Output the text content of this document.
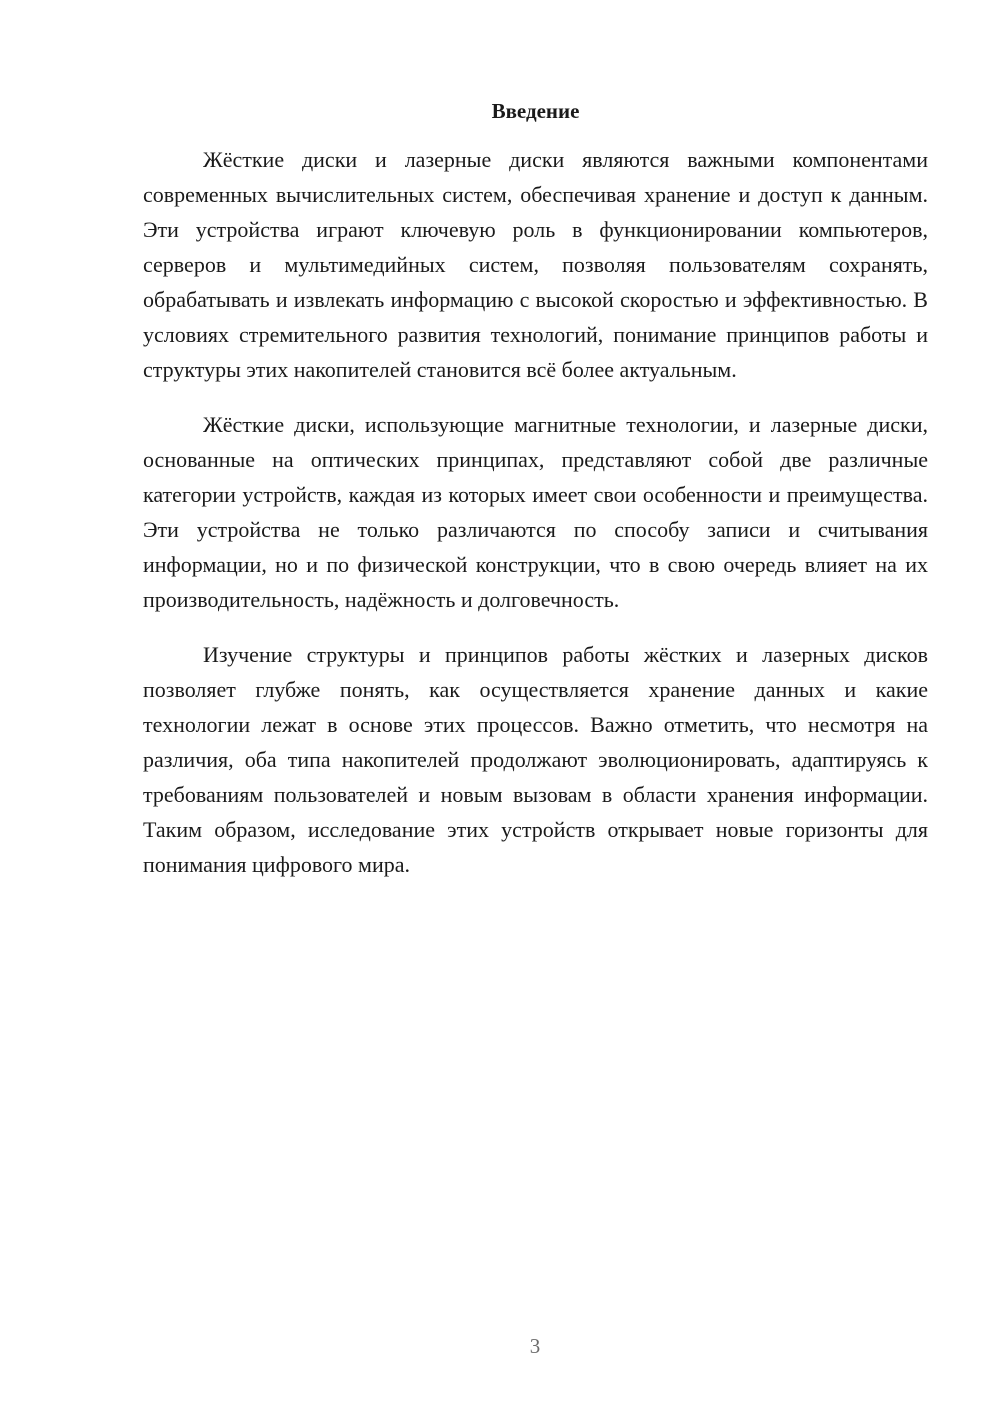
Введение

Жёсткие диски и лазерные диски являются важными компонентами современных вычислительных систем, обеспечивая хранение и доступ к данным. Эти устройства играют ключевую роль в функционировании компьютеров, серверов и мультимедийных систем, позволяя пользователям сохранять, обрабатывать и извлекать информацию с высокой скоростью и эффективностью. В условиях стремительного развития технологий, понимание принципов работы и структуры этих накопителей становится всё более актуальным.

Жёсткие диски, использующие магнитные технологии, и лазерные диски, основанные на оптических принципах, представляют собой две различные категории устройств, каждая из которых имеет свои особенности и преимущества. Эти устройства не только различаются по способу записи и считывания информации, но и по физической конструкции, что в свою очередь влияет на их производительность, надёжность и долговечность.

Изучение структуры и принципов работы жёстких и лазерных дисков позволяет глубже понять, как осуществляется хранение данных и какие технологии лежат в основе этих процессов. Важно отметить, что несмотря на различия, оба типа накопителей продолжают эволюционировать, адаптируясь к требованиям пользователей и новым вызовам в области хранения информации. Таким образом, исследование этих устройств открывает новые горизонты для понимания цифрового мира.

3
